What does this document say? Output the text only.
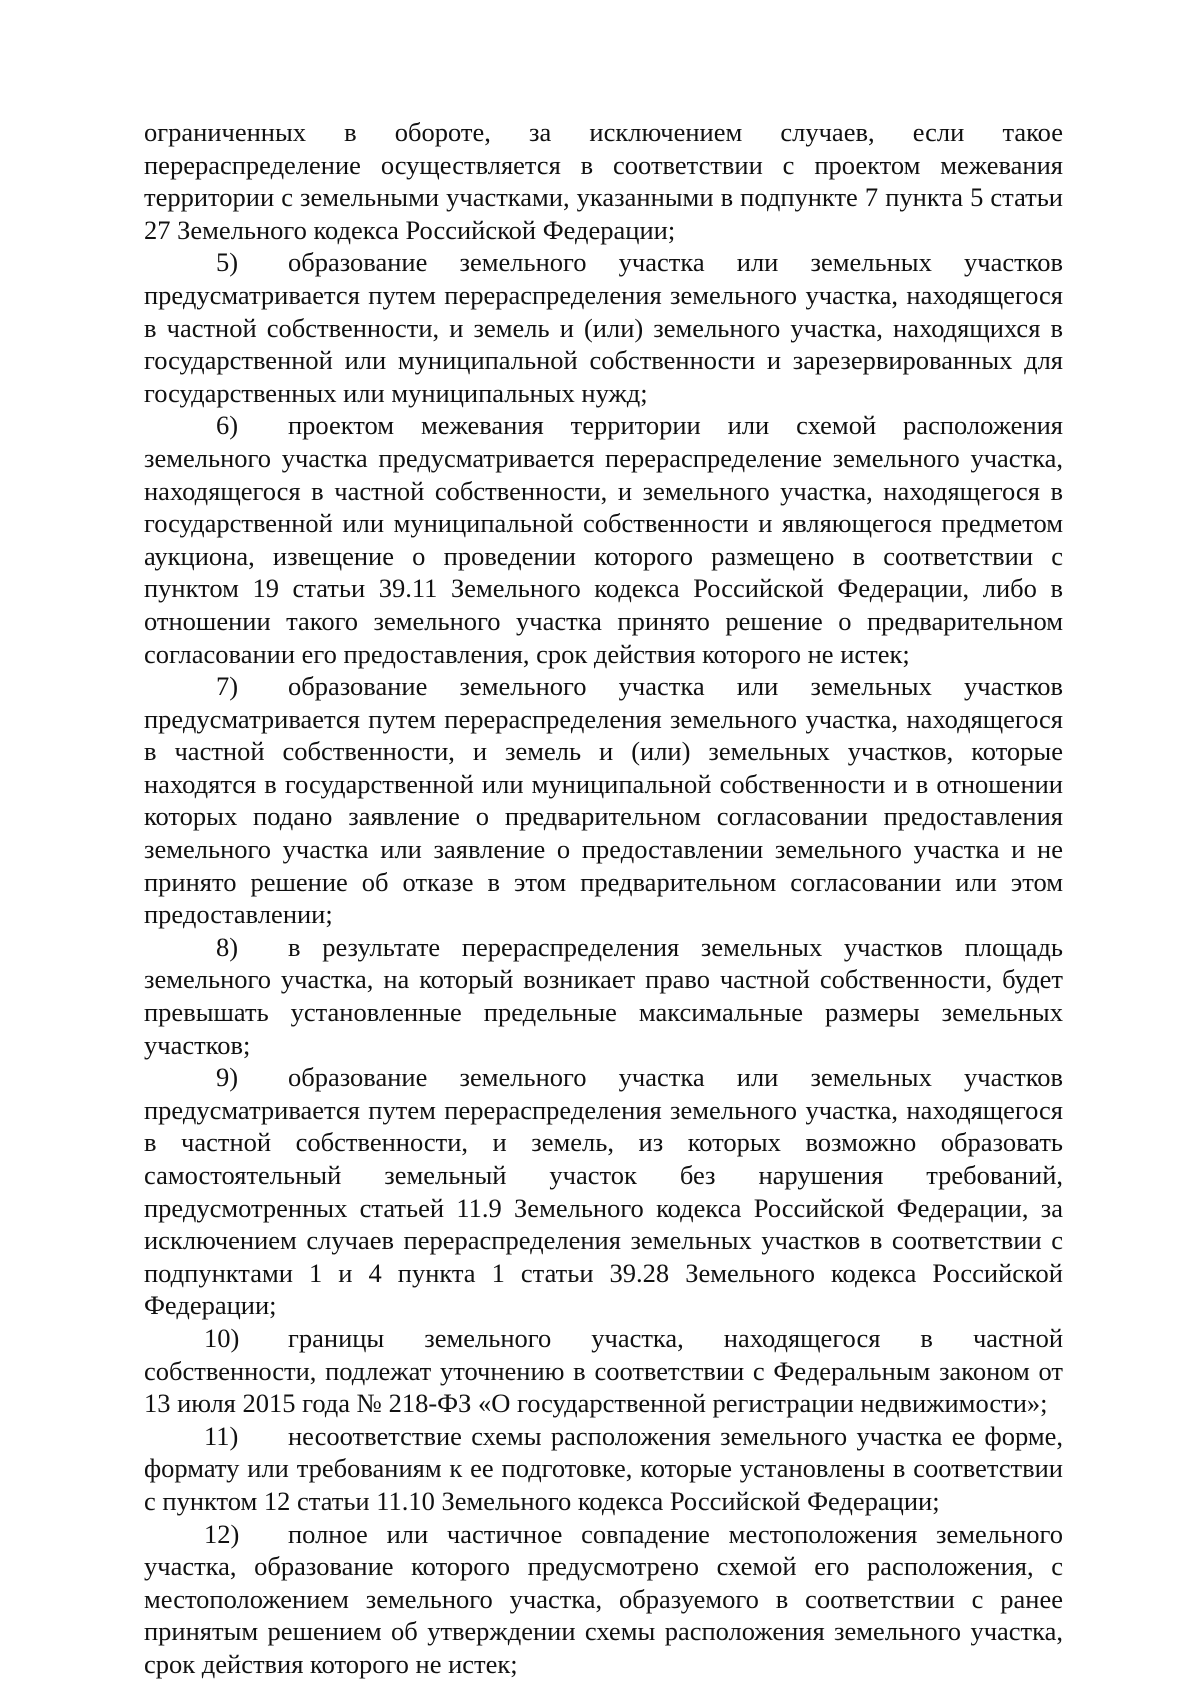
ограниченных в обороте, за исключением случаев, если такое перераспределение осуществляется в соответствии с проектом межевания территории с земельными участками, указанными в подпункте 7 пункта 5 статьи 27 Земельного кодекса Российской Федерации;

5) образование земельного участка или земельных участков предусматривается путем перераспределения земельного участка, находящегося в частной собственности, и земель и (или) земельного участка, находящихся в государственной или муниципальной собственности и зарезервированных для государственных или муниципальных нужд;

6) проектом межевания территории или схемой расположения земельного участка предусматривается перераспределение земельного участка, находящегося в частной собственности, и земельного участка, находящегося в государственной или муниципальной собственности и являющегося предметом аукциона, извещение о проведении которого размещено в соответствии с пунктом 19 статьи 39.11 Земельного кодекса Российской Федерации, либо в отношении такого земельного участка принято решение о предварительном согласовании его предоставления, срок действия которого не истек;

7) образование земельного участка или земельных участков предусматривается путем перераспределения земельного участка, находящегося в частной собственности, и земель и (или) земельных участков, которые находятся в государственной или муниципальной собственности и в отношении которых подано заявление о предварительном согласовании предоставления земельного участка или заявление о предоставлении земельного участка и не принято решение об отказе в этом предварительном согласовании или этом предоставлении;

8) в результате перераспределения земельных участков площадь земельного участка, на который возникает право частной собственности, будет превышать установленные предельные максимальные размеры земельных участков;

9) образование земельного участка или земельных участков предусматривается путем перераспределения земельного участка, находящегося в частной собственности, и земель, из которых возможно образовать самостоятельный земельный участок без нарушения требований, предусмотренных статьей 11.9 Земельного кодекса Российской Федерации, за исключением случаев перераспределения земельных участков в соответствии с подпунктами 1 и 4 пункта 1 статьи 39.28 Земельного кодекса Российской Федерации;

10) границы земельного участка, находящегося в частной собственности, подлежат уточнению в соответствии с Федеральным законом от 13 июля 2015 года № 218-ФЗ «О государственной регистрации недвижимости»;

11) несоответствие схемы расположения земельного участка ее форме, формату или требованиям к ее подготовке, которые установлены в соответствии с пунктом 12 статьи 11.10 Земельного кодекса Российской Федерации;

12) полное или частичное совпадение местоположения земельного участка, образование которого предусмотрено схемой его расположения, с местоположением земельного участка, образуемого в соответствии с ранее принятым решением об утверждении схемы расположения земельного участка, срок действия которого не истек;
